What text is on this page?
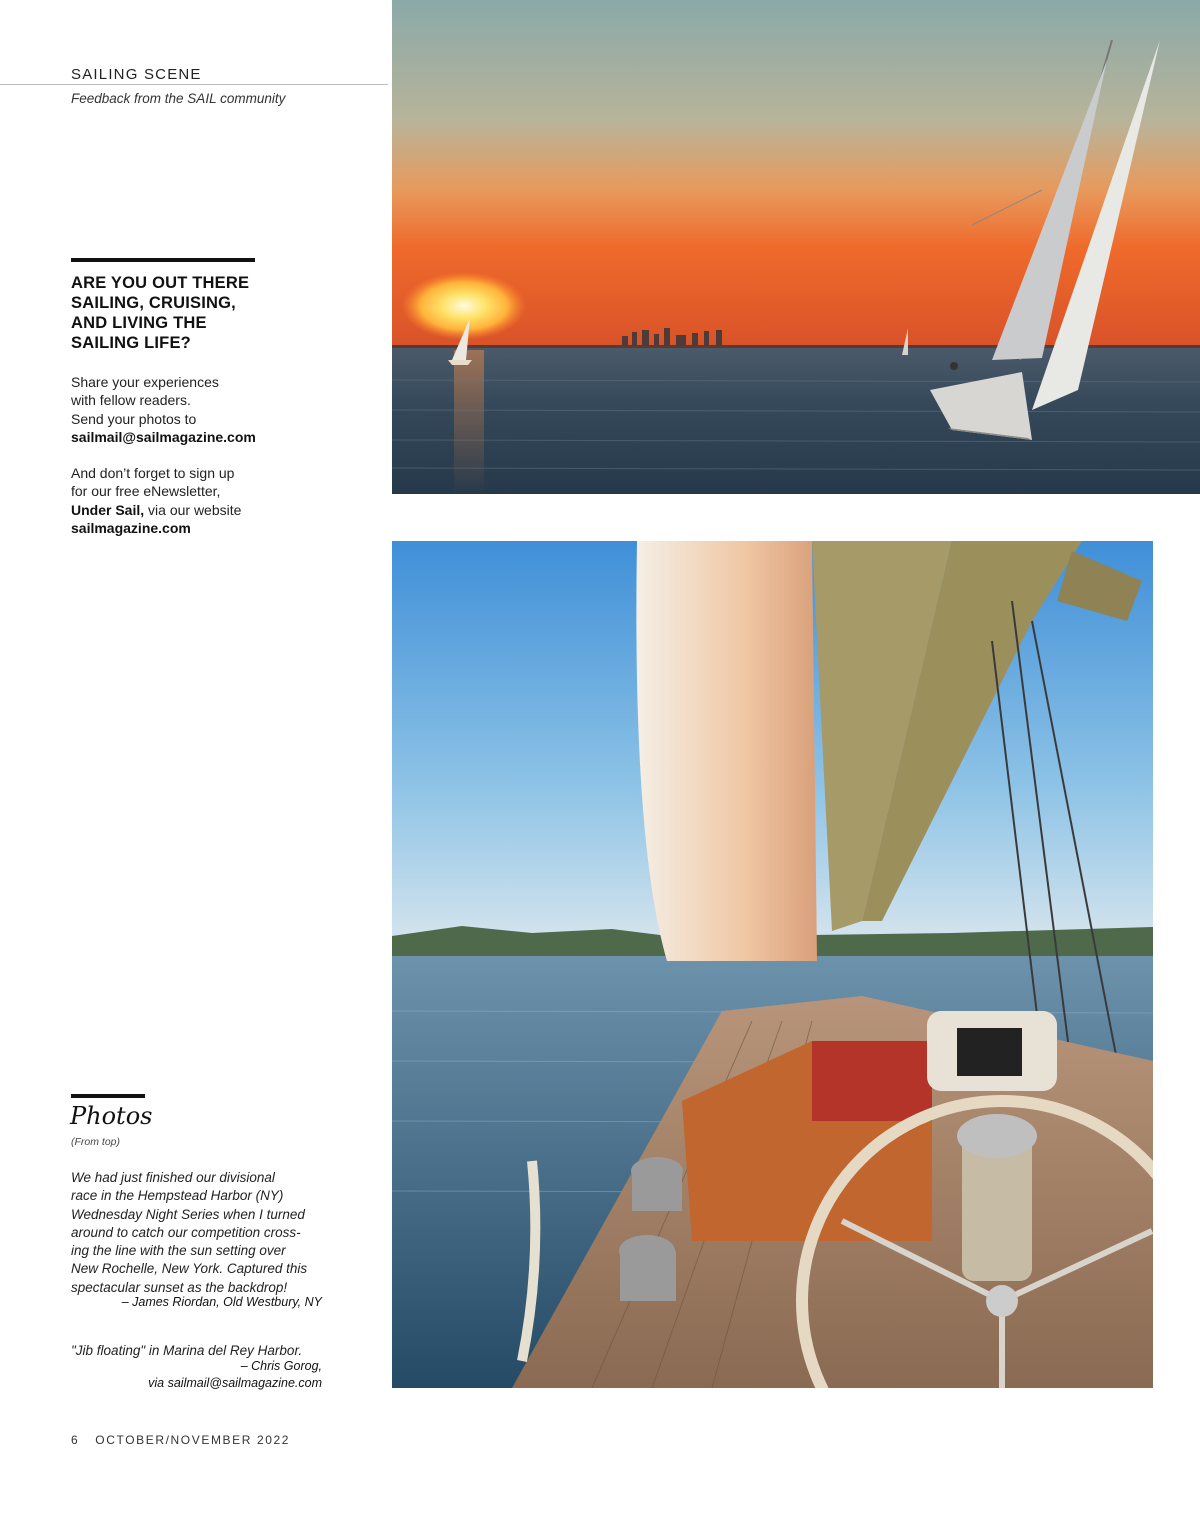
SAILING SCENE
Feedback from the SAIL community
ARE YOU OUT THERE
SAILING, CRUISING,
AND LIVING THE
SAILING LIFE?

Share your experiences
with fellow readers.
Send your photos to
sailmail@sailmagazine.com

And don’t forget to sign up
for our free eNewsletter,
Under Sail, via our website
sailmagazine.com

Photos
(From top)
We had just finished our divisional
race in the Hempstead Harbor (NY)
Wednesday Night Series when I turned
around to catch our competition cross-
ing the line with the sun setting over
New Rochelle, New York. Captured this
spectacular sunset as the backdrop!
– James Riordan, Old Westbury, NY
"Jib floating" in Marina del Rey Harbor.
– Chris Gorog,
via sailmail@sailmagazine.com
6 OCTOBER/NOVEMBER 2022
